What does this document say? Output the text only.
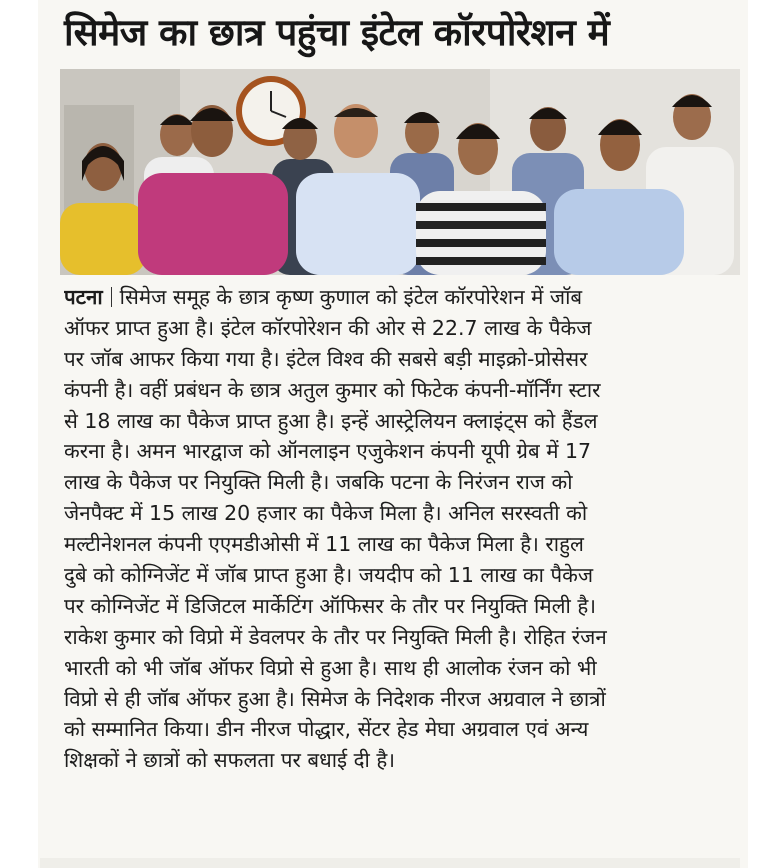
सिमेज का छात्र पहुंचा इंटेल कॉरपोरेशन में
पटना सिमेज समूह के छात्र कृष्ण कुणाल को इंटेल कॉरपोरेशन में जॉब
ऑफर प्राप्त हुआ है। इंटेल कॉरपोरेशन की ओर से 22.7 लाख के पैकेज
पर जॉब आफर किया गया है। इंटेल विश्व की सबसे बड़ी माइक्रो-प्रोसेसर
कंपनी है। वहीं प्रबंधन के छात्र अतुल कुमार को फिटेक कंपनी-मॉर्निंग स्टार
से 18 लाख का पैकेज प्राप्त हुआ है। इन्हें आस्ट्रेलियन क्लाइंट्स को हैंडल
करना है। अमन भारद्वाज को ऑनलाइन एजुकेशन कंपनी यूपी ग्रेब में 17
लाख के पैकेज पर नियुक्ति मिली है। जबकि पटना के निरंजन राज को
जेनपैक्ट में 15 लाख 20 हजार का पैकेज मिला है। अनिल सरस्वती को
मल्टीनेशनल कंपनी एएमडीओसी में 11 लाख का पैकेज मिला है। राहुल
दुबे को कोग्निजेंट में जॉब प्राप्त हुआ है। जयदीप को 11 लाख का पैकेज
पर कोग्निजेंट में डिजिटल मार्केटिंग ऑफिसर के तौर पर नियुक्ति मिली है।
राकेश कुमार को विप्रो में डेवलपर के तौर पर नियुक्ति मिली है। रोहित रंजन
भारती को भी जॉब ऑफर विप्रो से हुआ है। साथ ही आलोक रंजन को भी
विप्रो से ही जॉब ऑफर हुआ है। सिमेज के निदेशक नीरज अग्रवाल ने छात्रों
को सम्मानित किया। डीन नीरज पोद्धार, सेंटर हेड मेघा अग्रवाल एवं अन्य
शिक्षकों ने छात्रों को सफलता पर बधाई दी है।
